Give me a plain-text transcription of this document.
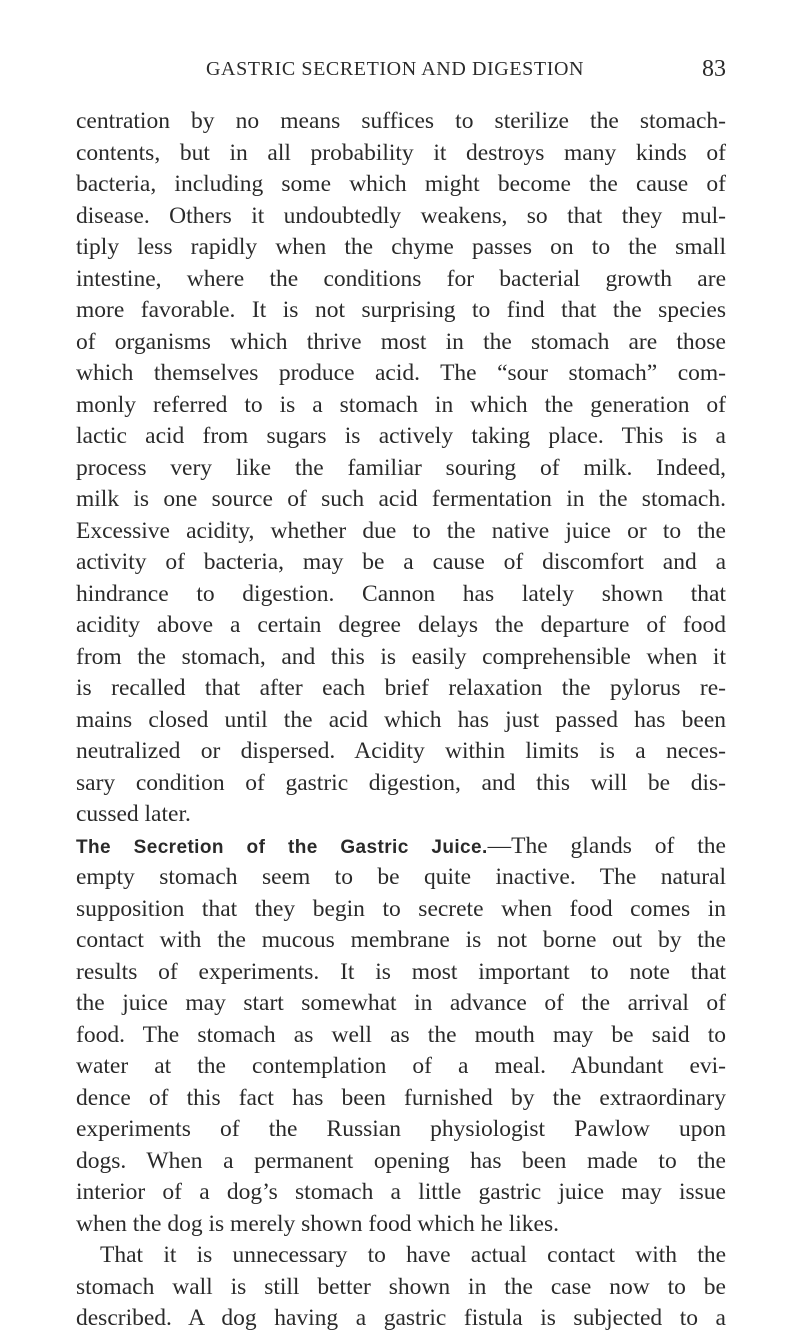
GASTRIC SECRETION AND DIGESTION	83
centration by no means suffices to sterilize the stomach-
contents, but in all probability it destroys many kinds of
bacteria, including some which might become the cause of
disease. Others it undoubtedly weakens, so that they mul-
tiply less rapidly when the chyme passes on to the small
intestine, where the conditions for bacterial growth are
more favorable. It is not surprising to find that the species
of organisms which thrive most in the stomach are those
which themselves produce acid. The “sour stomach” com-
monly referred to is a stomach in which the generation of
lactic acid from sugars is actively taking place. This is a
process very like the familiar souring of milk. Indeed,
milk is one source of such acid fermentation in the stomach.
Excessive acidity, whether due to the native juice or to the
activity of bacteria, may be a cause of discomfort and a
hindrance to digestion. Cannon has lately shown that
acidity above a certain degree delays the departure of food
from the stomach, and this is easily comprehensible when it
is recalled that after each brief relaxation the pylorus re-
mains closed until the acid which has just passed has been
neutralized or dispersed. Acidity within limits is a neces-
sary condition of gastric digestion, and this will be dis-
cussed later.
The Secretion of the Gastric Juice.—The glands of the
empty stomach seem to be quite inactive. The natural
supposition that they begin to secrete when food comes in
contact with the mucous membrane is not borne out by the
results of experiments. It is most important to note that
the juice may start somewhat in advance of the arrival of
food. The stomach as well as the mouth may be said to
water at the contemplation of a meal. Abundant evi-
dence of this fact has been furnished by the extraordinary
experiments of the Russian physiologist Pawlow upon
dogs. When a permanent opening has been made to the
interior of a dog’s stomach a little gastric juice may issue
when the dog is merely shown food which he likes.
That it is unnecessary to have actual contact with the
stomach wall is still better shown in the case now to be
described. A dog having a gastric fistula is subjected to a
